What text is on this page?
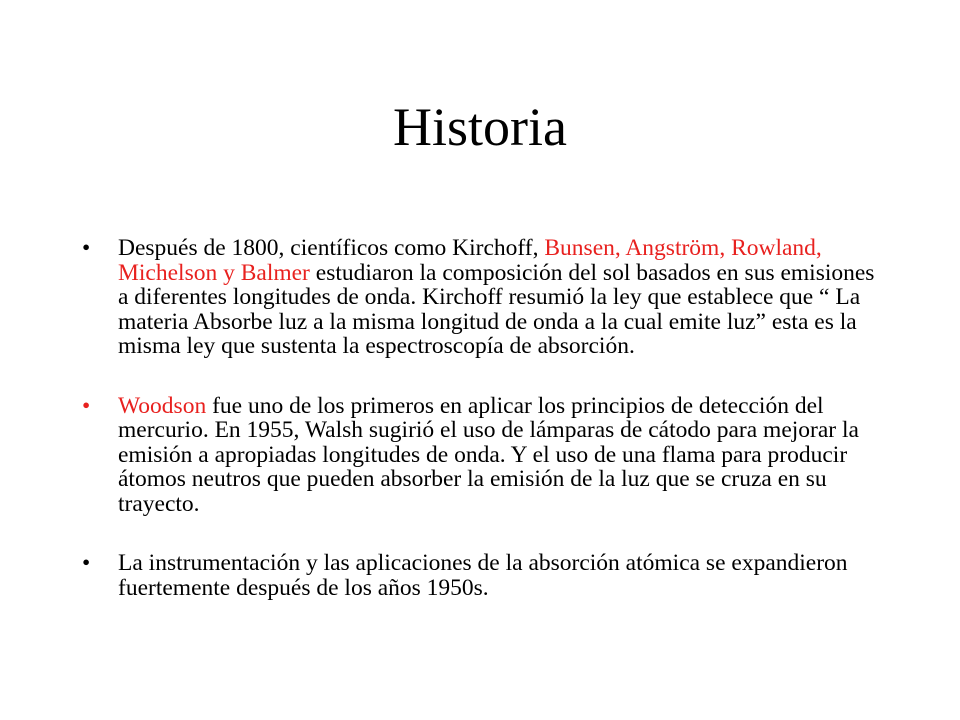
Historia
• Después de 1800, científicos como Kirchoff, Bunsen, Angström, Rowland, Michelson y Balmer estudiaron la composición del sol basados en sus emisiones a diferentes longitudes de onda. Kirchoff resumió la ley que establece que “ La materia Absorbe luz a la misma longitud de onda a la cual emite luz” esta es la misma ley que sustenta la espectroscopía de absorción.
• Woodson fue uno de los primeros en aplicar los principios de detección del mercurio. En 1955, Walsh sugirió el uso de lámparas de cátodo para mejorar la emisión a apropiadas longitudes de onda. Y el uso de una flama para producir átomos neutros que pueden absorber la emisión de la luz que se cruza en su trayecto.
• La instrumentación y las aplicaciones de la absorción atómica se expandieron fuertemente después de los años 1950s.
